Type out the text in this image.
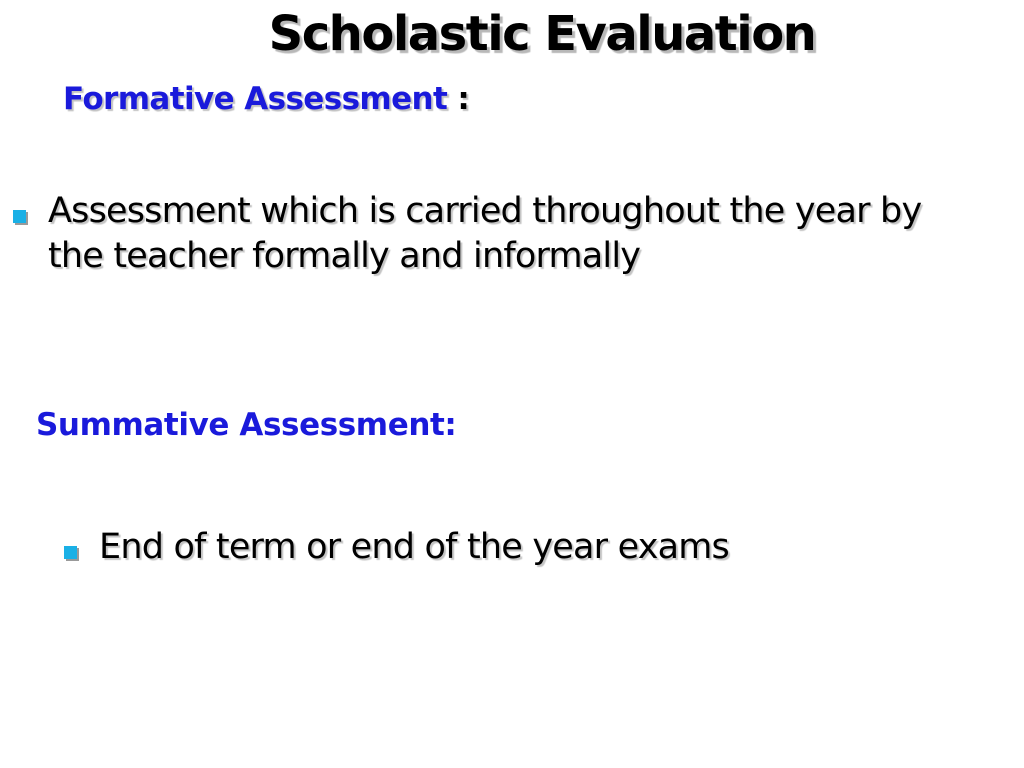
Scholastic Evaluation
Formative Assessment :
Assessment which is carried throughout the year by the teacher formally and informally
Summative Assessment:
End of term or end of the year exams
